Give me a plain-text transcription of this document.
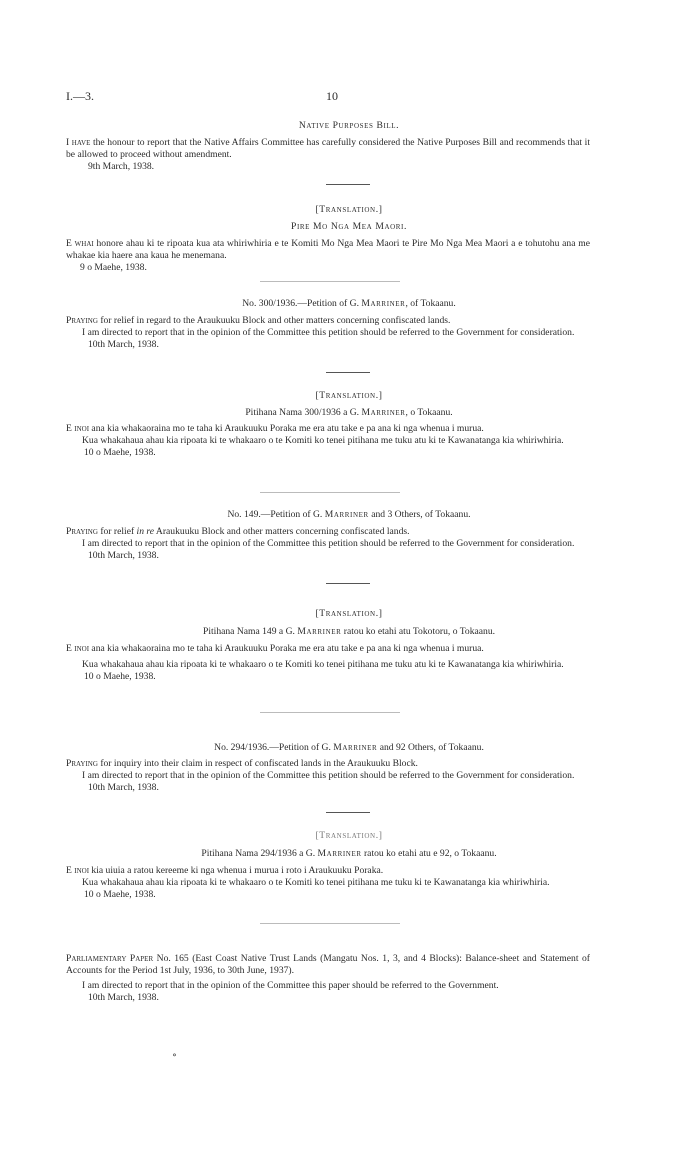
I.—3.	10
Native Purposes Bill.

I have the honour to report that the Native Affairs Committee has carefully considered the Native Purposes Bill and recommends that it be allowed to proceed without amendment.

9th March, 1938.

[Translation.]
Pire Mo Nga Mea Maori.

E whai honore ahau ki te ripoata kua ata whiriwhiria e te Komiti Mo Nga Mea Maori te Pire Mo Nga Mea Maori a e tohutohu ana me whakae kia haere ana kaua he menemana.

9 o Maehe, 1938.

No. 300/1936.—Petition of G. Marriner, of Tokaanu.

Praying for relief in regard to the Araukuuku Block and other matters concerning confiscated lands.

I am directed to report that in the opinion of the Committee this petition should be referred to the Government for consideration.

10th March, 1938.

[Translation.]
Pitihana Nama 300/1936 a G. Marriner, o Tokaanu.

E inoi ana kia whakaoraina mo te taha ki Araukuuku Poraka me era atu take e pa ana ki nga whenua i murua.

Kua whakahaua ahau kia ripoata ki te whakaaro o te Komiti ko tenei pitihana me tuku atu ki te Kawanatanga kia whiriwhiria.

10 o Maehe, 1938.

No. 149.—Petition of G. Marriner and 3 Others, of Tokaanu.

Praying for relief in re Araukuuku Block and other matters concerning confiscated lands.

I am directed to report that in the opinion of the Committee this petition should be referred to the Government for consideration.

10th March, 1938.

[Translation.]
Pitihana Nama 149 a G. Marriner ratou ko etahi atu Tokotoru, o Tokaanu.

E inoi ana kia whakaoraina mo te taha ki Araukuuku Poraka me era atu take e pa ana ki nga whenua i murua.

Kua whakahaua ahau kia ripoata ki te whakaaro o te Komiti ko tenei pitihana me tuku atu ki te Kawanatanga kia whiriwhiria.

10 o Maehe, 1938.

No. 294/1936.—Petition of G. Marriner and 92 Others, of Tokaanu.

Praying for inquiry into their claim in respect of confiscated lands in the Araukuuku Block.

I am directed to report that in the opinion of the Committee this petition should be referred to the Government for consideration.

10th March, 1938.

[Translation.]
Pitihana Nama 294/1936 a G. Marriner ratou ko etahi atu e 92, o Tokaanu.

E inoi kia uiuia a ratou kereeme ki nga whenua i murua i roto i Araukuuku Poraka.

Kua whakahaua ahau kia ripoata ki te whakaaro o te Komiti ko tenei pitihana me tuku ki te Kawanatanga kia whiriwhiria.

10 o Maehe, 1938.

Parliamentary Paper No. 165 (East Coast Native Trust Lands (Mangatu Nos. 1, 3, and 4 Blocks): Balance-sheet and Statement of Accounts for the Period 1st July, 1936, to 30th June, 1937).

I am directed to report that in the opinion of the Committee this paper should be referred to the Government.

10th March, 1938.

∘
